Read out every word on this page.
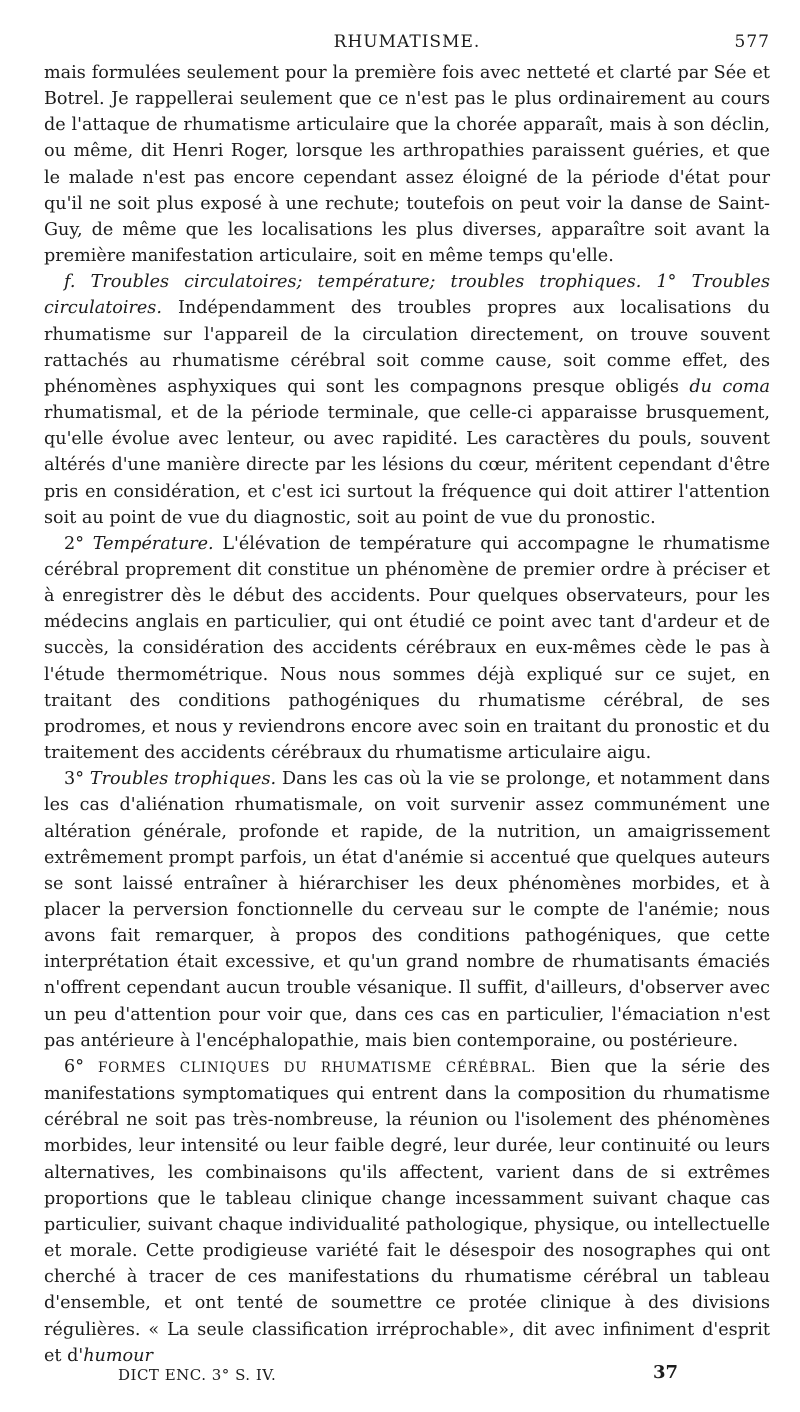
RHUMATISME.	577

mais formulées seulement pour la première fois avec netteté et clarté par Sée et Botrel. Je rappellerai seulement que ce n'est pas le plus ordinairement au cours de l'attaque de rhumatisme articulaire que la chorée apparaît, mais à son déclin, ou même, dit Henri Roger, lorsque les arthropathies paraissent guéries, et que le malade n'est pas encore cependant assez éloigné de la période d'état pour qu'il ne soit plus exposé à une rechute; toutefois on peut voir la danse de Saint-Guy, de même que les localisations les plus diverses, apparaître soit avant la première manifestation articulaire, soit en même temps qu'elle.

f. Troubles circulatoires; température; troubles trophiques. 1° Troubles circulatoires. Indépendamment des troubles propres aux localisations du rhumatisme sur l'appareil de la circulation directement, on trouve souvent rattachés au rhumatisme cérébral soit comme cause, soit comme effet, des phénomènes asphyxiques qui sont les compagnons presque obligés du coma rhumatismal, et de la période terminale, que celle-ci apparaisse brusquement, qu'elle évolue avec lenteur, ou avec rapidité. Les caractères du pouls, souvent altérés d'une manière directe par les lésions du cœur, méritent cependant d'être pris en considération, et c'est ici surtout la fréquence qui doit attirer l'attention soit au point de vue du diagnostic, soit au point de vue du pronostic.

2° Température. L'élévation de température qui accompagne le rhumatisme cérébral proprement dit constitue un phénomène de premier ordre à préciser et à enregistrer dès le début des accidents. Pour quelques observateurs, pour les médecins anglais en particulier, qui ont étudié ce point avec tant d'ardeur et de succès, la considération des accidents cérébraux en eux-mêmes cède le pas à l'étude thermométrique. Nous nous sommes déjà expliqué sur ce sujet, en traitant des conditions pathogéniques du rhumatisme cérébral, de ses prodromes, et nous y reviendrons encore avec soin en traitant du pronostic et du traitement des accidents cérébraux du rhumatisme articulaire aigu.

3° Troubles trophiques. Dans les cas où la vie se prolonge, et notamment dans les cas d'aliénation rhumatismale, on voit survenir assez communément une altération générale, profonde et rapide, de la nutrition, un amaigrissement extrêmement prompt parfois, un état d'anémie si accentué que quelques auteurs se sont laissé entraîner à hiérarchiser les deux phénomènes morbides, et à placer la perversion fonctionnelle du cerveau sur le compte de l'anémie; nous avons fait remarquer, à propos des conditions pathogéniques, que cette interprétation était excessive, et qu'un grand nombre de rhumatisants émaciés n'offrent cependant aucun trouble vésanique. Il suffit, d'ailleurs, d'observer avec un peu d'attention pour voir que, dans ces cas en particulier, l'émaciation n'est pas antérieure à l'encéphalopathie, mais bien contemporaine, ou postérieure.

6° FORMES CLINIQUES DU RHUMATISME CÉRÉBRAL. Bien que la série des manifestations symptomatiques qui entrent dans la composition du rhumatisme cérébral ne soit pas très-nombreuse, la réunion ou l'isolement des phénomènes morbides, leur intensité ou leur faible degré, leur durée, leur continuité ou leurs alternatives, les combinaisons qu'ils affectent, varient dans de si extrêmes proportions que le tableau clinique change incessamment suivant chaque cas particulier, suivant chaque individualité pathologique, physique, ou intellectuelle et morale. Cette prodigieuse variété fait le désespoir des nosographes qui ont cherché à tracer de ces manifestations du rhumatisme cérébral un tableau d'ensemble, et ont tenté de soumettre ce protée clinique à des divisions régulières. « La seule classification irréprochable», dit avec infiniment d'esprit et d'humour

DICT ENC. 3° S. IV.	37
